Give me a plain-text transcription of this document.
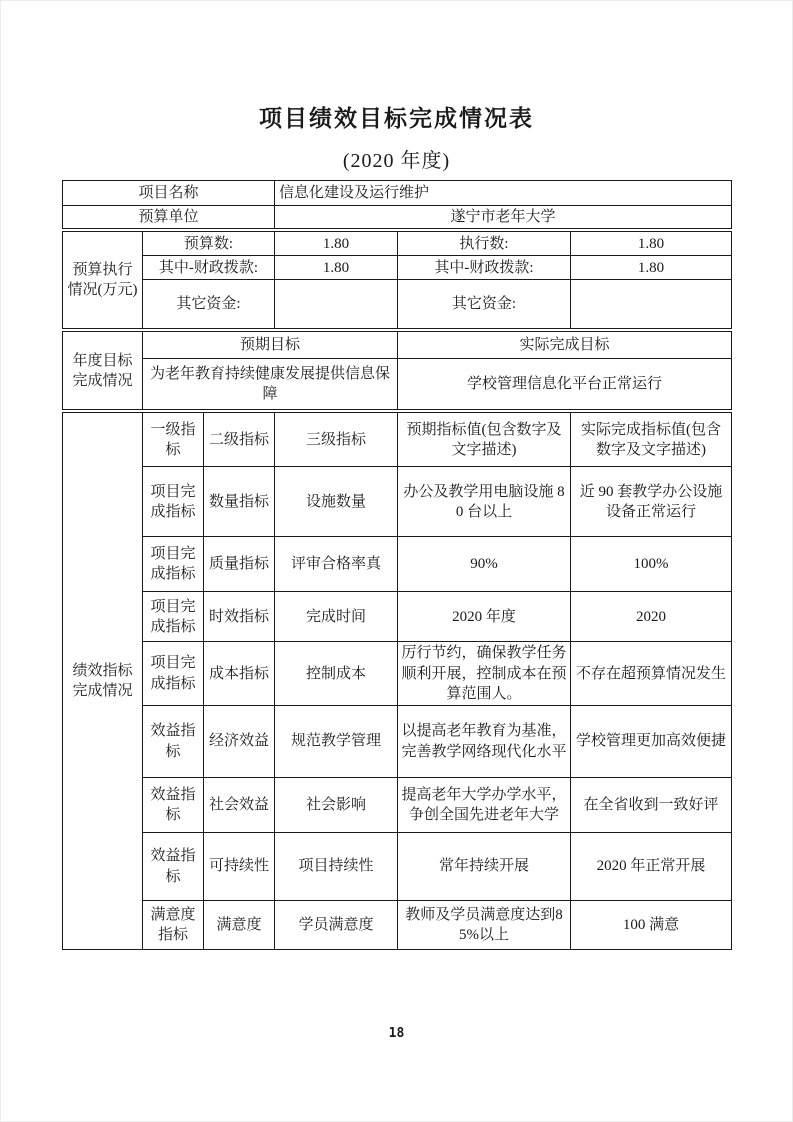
项目绩效目标完成情况表
(2020 年度)
项目名称	信息化建设及运行维护
预算单位	遂宁市老年大学
预算执行情况(万元)	预算数:	1.80	执行数:	1.80
	其中-财政拨款:	1.80	其中-财政拨款:	1.80
	其它资金:		其它资金:	
年度目标完成情况	预期目标	实际完成目标
	为老年教育持续健康发展提供信息保障	学校管理信息化平台正常运行
绩效指标完成情况	一级指标	二级指标	三级指标	预期指标值(包含数字及文字描述)	实际完成指标值(包含数字及文字描述)
	项目完成指标	数量指标	设施数量	办公及教学用电脑设施 80 台以上	近 90 套教学办公设施设备正常运行
	项目完成指标	质量指标	评审合格率真	90%	100%
	项目完成指标	时效指标	完成时间	2020 年度	2020
	项目完成指标	成本指标	控制成本	厉行节约，确保教学任务顺利开展，控制成本在预算范围人。	不存在超预算情况发生
	效益指标	经济效益	规范教学管理	以提高老年教育为基准，完善教学网络现代化水平	学校管理更加高效便捷
	效益指标	社会效益	社会影响	提高老年大学办学水平，争创全国先进老年大学	在全省收到一致好评
	效益指标	可持续性	项目持续性	常年持续开展	2020 年正常开展
	满意度指标	满意度	学员满意度	教师及学员满意度达到85%以上	100 满意
18
